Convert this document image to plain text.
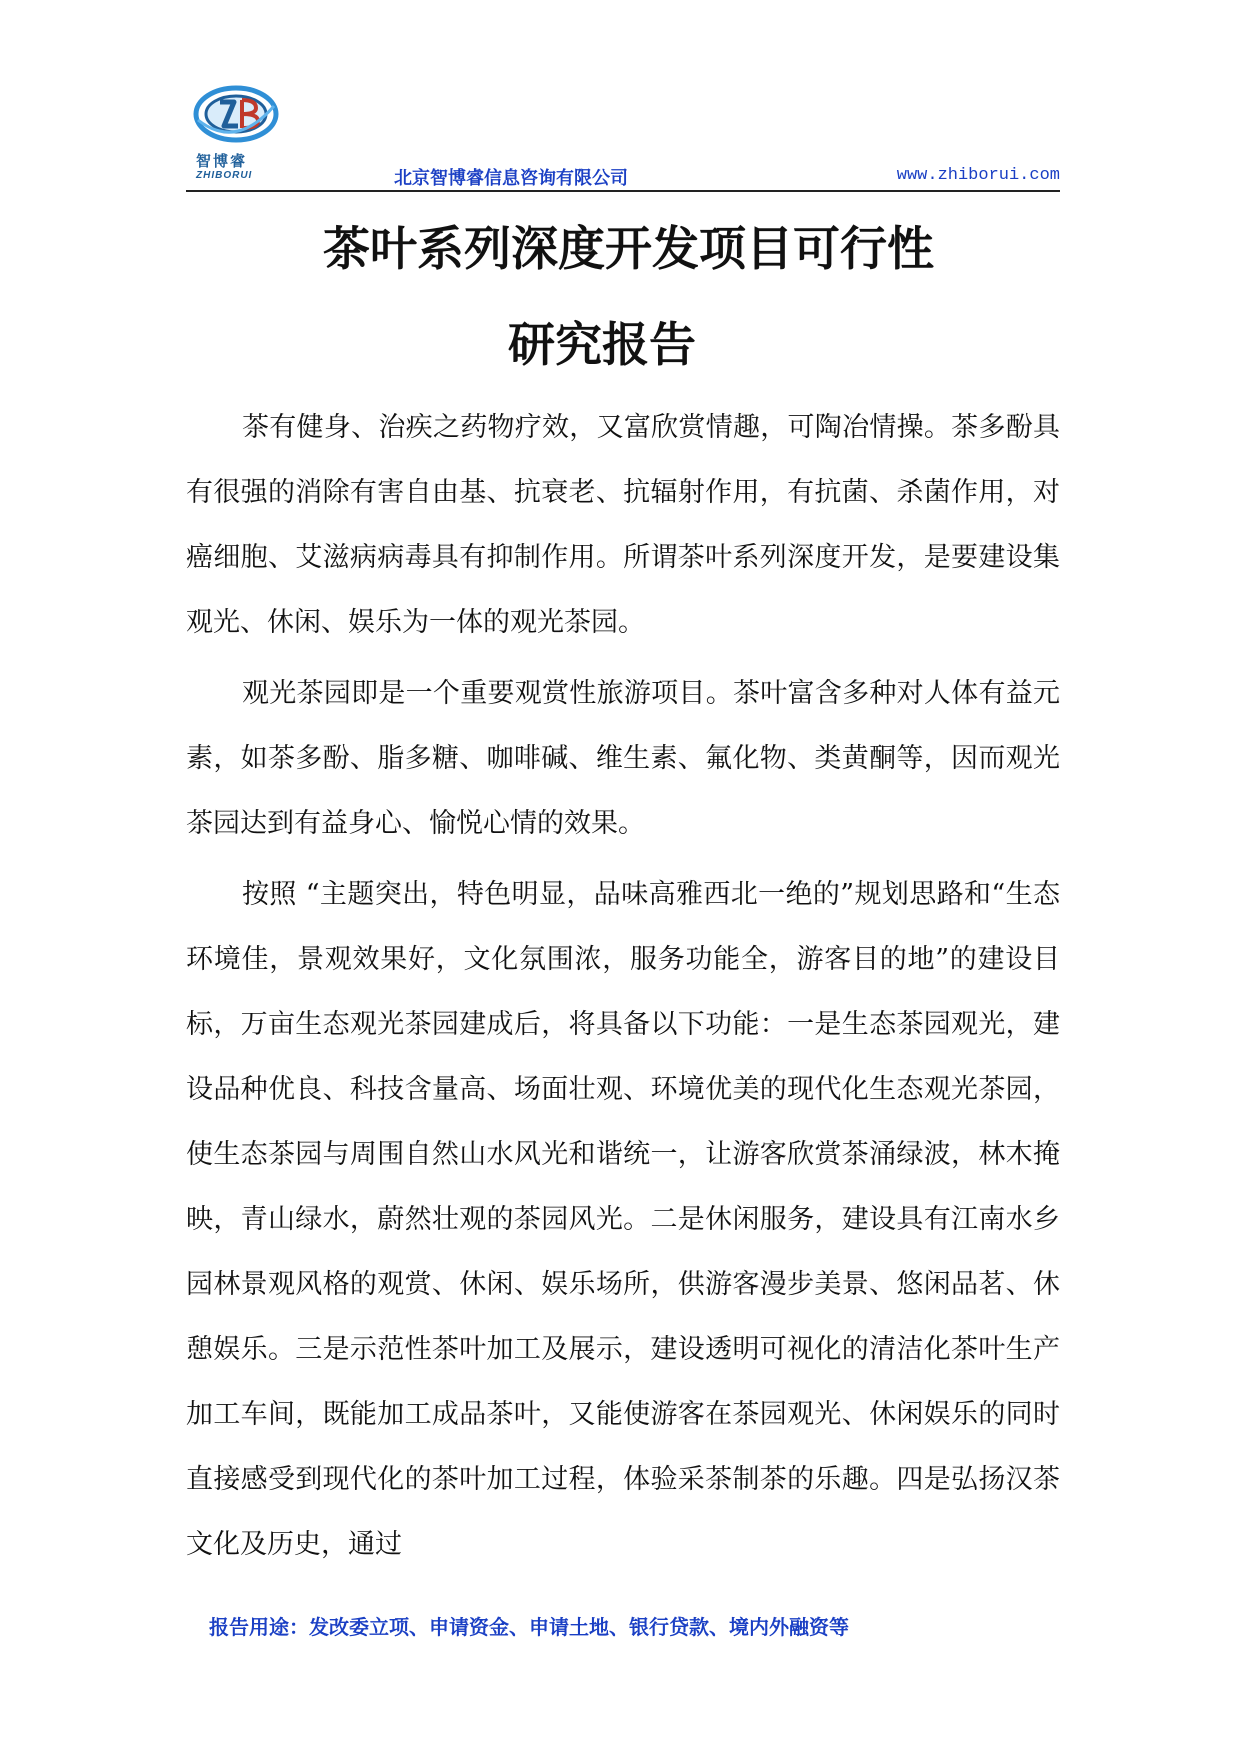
智博睿
ZHIBORUI	北京智博睿信息咨询有限公司	www.zhiborui.com
茶叶系列深度开发项目可行性
研究报告

茶有健身、治疾之药物疗效，又富欣赏情趣，可陶冶情操。茶多酚具有很强的消除有害自由基、抗衰老、抗辐射作用，有抗菌、杀菌作用，对癌细胞、艾滋病病毒具有抑制作用。所谓茶叶系列深度开发，是要建设集观光、休闲、娱乐为一体的观光茶园。

观光茶园即是一个重要观赏性旅游项目。茶叶富含多种对人体有益元素，如茶多酚、脂多糖、咖啡碱、维生素、氟化物、类黄酮等，因而观光茶园达到有益身心、愉悦心情的效果。

按照 “主题突出，特色明显，品味高雅西北一绝的”规划思路和“生态环境佳，景观效果好，文化氛围浓，服务功能全，游客目的地”的建设目标，万亩生态观光茶园建成后，将具备以下功能：一是生态茶园观光，建设品种优良、科技含量高、场面壮观、环境优美的现代化生态观光茶园，使生态茶园与周围自然山水风光和谐统一，让游客欣赏茶涌绿波，林木掩映，青山绿水，蔚然壮观的茶园风光。二是休闲服务，建设具有江南水乡园林景观风格的观赏、休闲、娱乐场所，供游客漫步美景、悠闲品茗、休憩娱乐。三是示范性茶叶加工及展示，建设透明可视化的清洁化茶叶生产加工车间，既能加工成品茶叶，又能使游客在茶园观光、休闲娱乐的同时直接感受到现代化的茶叶加工过程，体验采茶制茶的乐趣。四是弘扬汉茶文化及历史，通过

报告用途：发改委立项、申请资金、申请土地、银行贷款、境内外融资等
